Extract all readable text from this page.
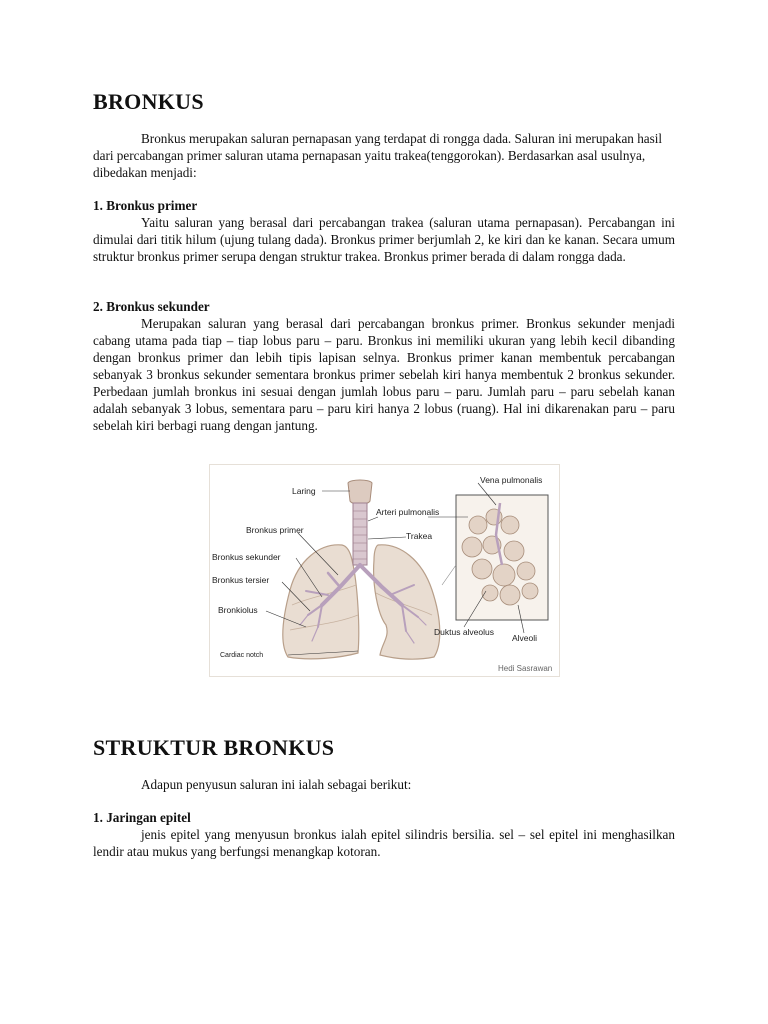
BRONKUS

Bronkus merupakan saluran pernapasan yang terdapat di rongga dada. Saluran ini merupakan hasil dari percabangan primer saluran utama pernapasan yaitu trakea(tenggorokan). Berdasarkan asal usulnya, dibedakan menjadi:

1. Bronkus primer

Yaitu saluran yang berasal dari percabangan trakea (saluran utama pernapasan). Percabangan ini dimulai dari titik hilum (ujung tulang dada). Bronkus primer berjumlah 2, ke kiri dan ke kanan. Secara umum struktur bronkus primer serupa dengan struktur trakea. Bronkus primer berada di dalam rongga dada.

2. Bronkus sekunder

Merupakan saluran yang berasal dari percabangan bronkus primer. Bronkus sekunder menjadi cabang utama pada tiap – tiap lobus paru – paru. Bronkus ini memiliki ukuran yang lebih kecil dibanding dengan bronkus primer dan lebih tipis lapisan selnya. Bronkus primer kanan membentuk percabangan sebanyak 3 bronkus sekunder sementara bronkus primer sebelah kiri hanya membentuk 2 bronkus sekunder. Perbedaan jumlah bronkus ini sesuai dengan jumlah lobus paru – paru. Jumlah paru – paru sebelah kanan adalah sebanyak 3 lobus, sementara paru – paru kiri hanya 2 lobus (ruang). Hal ini dikarenakan paru – paru sebelah kiri berbagi ruang dengan jantung.

STRUKTUR BRONKUS

Adapun penyusun saluran ini ialah sebagai berikut:

1. Jaringan epitel

jenis epitel yang menyusun bronkus ialah epitel silindris bersilia. sel – sel epitel ini menghasilkan lendir atau mukus yang berfungsi menangkap kotoran.

Laring
Arteri pulmonalis
Trakea
Bronkus primer
Bronkus sekunder
Bronkus tersier
Bronkiolus
Cardiac notch
Vena pulmonalis
Duktus alveolus
Alveoli
Hedi Sasrawan
